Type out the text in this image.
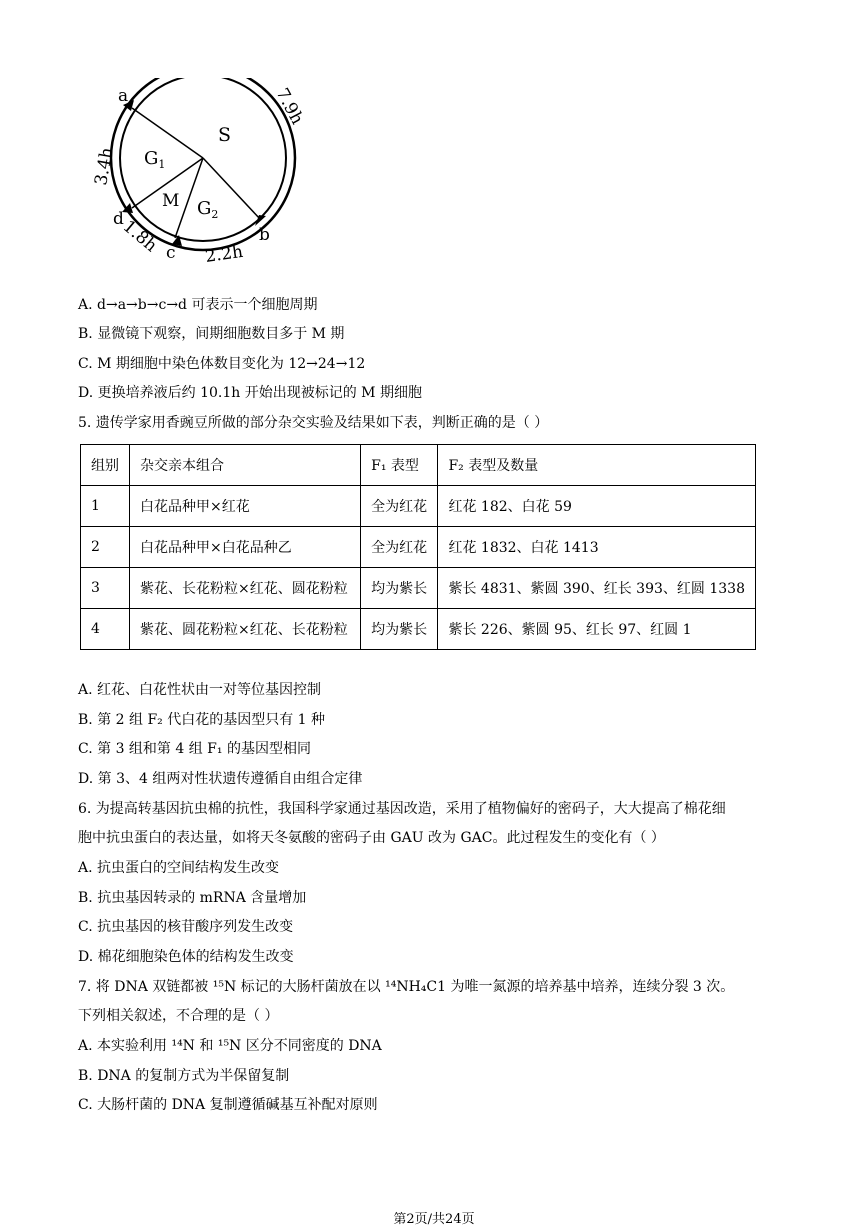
S
$G_1$
M $G_2$
a
b
c
d
7.9h
2.2h
1.8h
3.4h
A. d→a→b→c→d 可表示一个细胞周期
B. 显微镜下观察，间期细胞数目多于 M 期
C. M 期细胞中染色体数目变化为 12→24→12
D. 更换培养液后约 10.1h 开始出现被标记的 M 期细胞
5. 遗传学家用香豌豆所做的部分杂交实验及结果如下表，判断正确的是（ ）
组别	杂交亲本组合	F₁ 表型	F₂ 表型及数量
1	白花品种甲×红花	全为红花	红花 182、白花 59
2	白花品种甲×白花品种乙	全为红花	红花 1832、白花 1413
3	紫花、长花粉粒×红花、圆花粉粒	均为紫长	紫长 4831、紫圆 390、红长 393、红圆 1338
4	紫花、圆花粉粒×红花、长花粉粒	均为紫长	紫长 226、紫圆 95、红长 97、红圆 1
A. 红花、白花性状由一对等位基因控制
B. 第 2 组 F₂ 代白花的基因型只有 1 种
C. 第 3 组和第 4 组 F₁ 的基因型相同
D. 第 3、4 组两对性状遗传遵循自由组合定律
6. 为提高转基因抗虫棉的抗性，我国科学家通过基因改造，采用了植物偏好的密码子，大大提高了棉花细
胞中抗虫蛋白的表达量，如将天冬氨酸的密码子由 GAU 改为 GAC。此过程发生的变化有（ ）
A. 抗虫蛋白的空间结构发生改变
B. 抗虫基因转录的 mRNA 含量增加
C. 抗虫基因的核苷酸序列发生改变
D. 棉花细胞染色体的结构发生改变
7. 将 DNA 双链都被 ¹⁵N 标记的大肠杆菌放在以 ¹⁴NH₄C1 为唯一氮源的培养基中培养，连续分裂 3 次。
下列相关叙述，不合理的是（ ）
A. 本实验利用 ¹⁴N 和 ¹⁵N 区分不同密度的 DNA
B. DNA 的复制方式为半保留复制
C. 大肠杆菌的 DNA 复制遵循碱基互补配对原则
第2页/共24页
